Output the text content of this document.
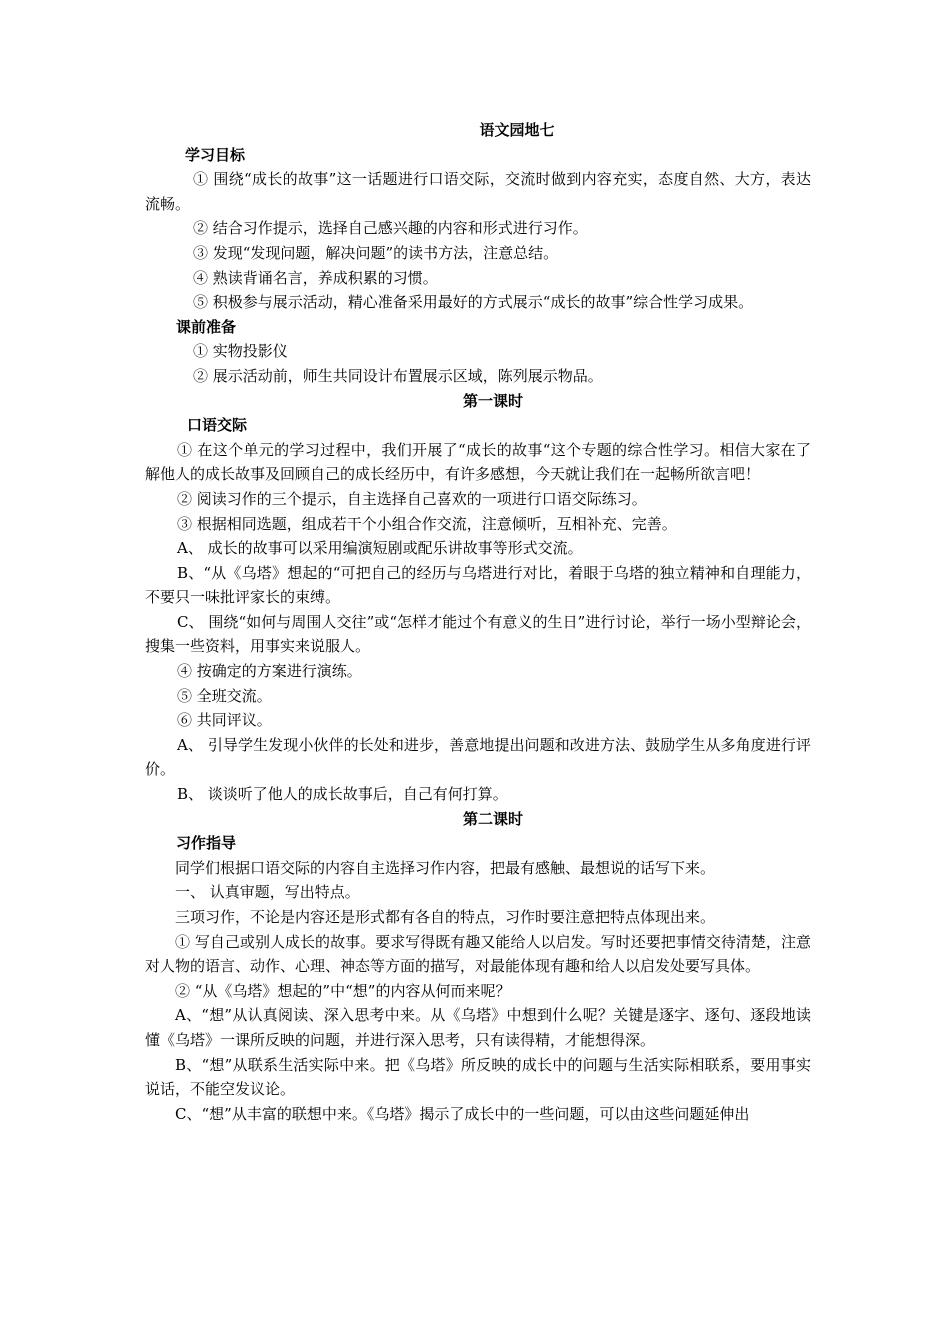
语文园地七

学习目标

① 围绕“成长的故事”这一话题进行口语交际，交流时做到内容充实，态度自然、大方，表达流畅。

② 结合习作提示，选择自己感兴趣的内容和形式进行习作。

③ 发现“发现问题，解决问题”的读书方法，注意总结。

④ 熟读背诵名言，养成积累的习惯。

⑤ 积极参与展示活动，精心准备采用最好的方式展示“成长的故事”综合性学习成果。

课前准备

① 实物投影仪

② 展示活动前，师生共同设计布置展示区域，陈列展示物品。

第一课时

口语交际

① 在这个单元的学习过程中，我们开展了“成长的故事“这个专题的综合性学习。相信大家在了解他人的成长故事及回顾自己的成长经历中，有许多感想，今天就让我们在一起畅所欲言吧！

② 阅读习作的三个提示，自主选择自己喜欢的一项进行口语交际练习。

③ 根据相同选题，组成若干个小组合作交流，注意倾听，互相补充、完善。

A、 成长的故事可以采用编演短剧或配乐讲故事等形式交流。

B、“从《乌塔》想起的“可把自己的经历与乌塔进行对比，着眼于乌塔的独立精神和自理能力，不要只一味批评家长的束缚。

C、 围绕“如何与周围人交往”或“怎样才能过个有意义的生日”进行讨论，举行一场小型辩论会，搜集一些资料，用事实来说服人。

④ 按确定的方案进行演练。

⑤ 全班交流。

⑥ 共同评议。

A、 引导学生发现小伙伴的长处和进步，善意地提出问题和改进方法、鼓励学生从多角度进行评价。

B、 谈谈听了他人的成长故事后，自己有何打算。

第二课时

习作指导

同学们根据口语交际的内容自主选择习作内容，把最有感触、最想说的话写下来。

一、 认真审题，写出特点。

三项习作，不论是内容还是形式都有各自的特点，习作时要注意把特点体现出来。

① 写自己或别人成长的故事。要求写得既有趣又能给人以启发。写时还要把事情交待清楚，注意对人物的语言、动作、心理、神态等方面的描写，对最能体现有趣和给人以启发处要写具体。

② “从《乌塔》想起的”中“想”的内容从何而来呢？

A、“想”从认真阅读、深入思考中来。从《乌塔》中想到什么呢？关键是逐字、逐句、逐段地读懂《乌塔》一课所反映的问题，并进行深入思考，只有读得精，才能想得深。

B、“想”从联系生活实际中来。把《乌塔》所反映的成长中的问题与生活实际相联系，要用事实说话，不能空发议论。

C、“想”从丰富的联想中来。《乌塔》揭示了成长中的一些问题，可以由这些问题延伸出
